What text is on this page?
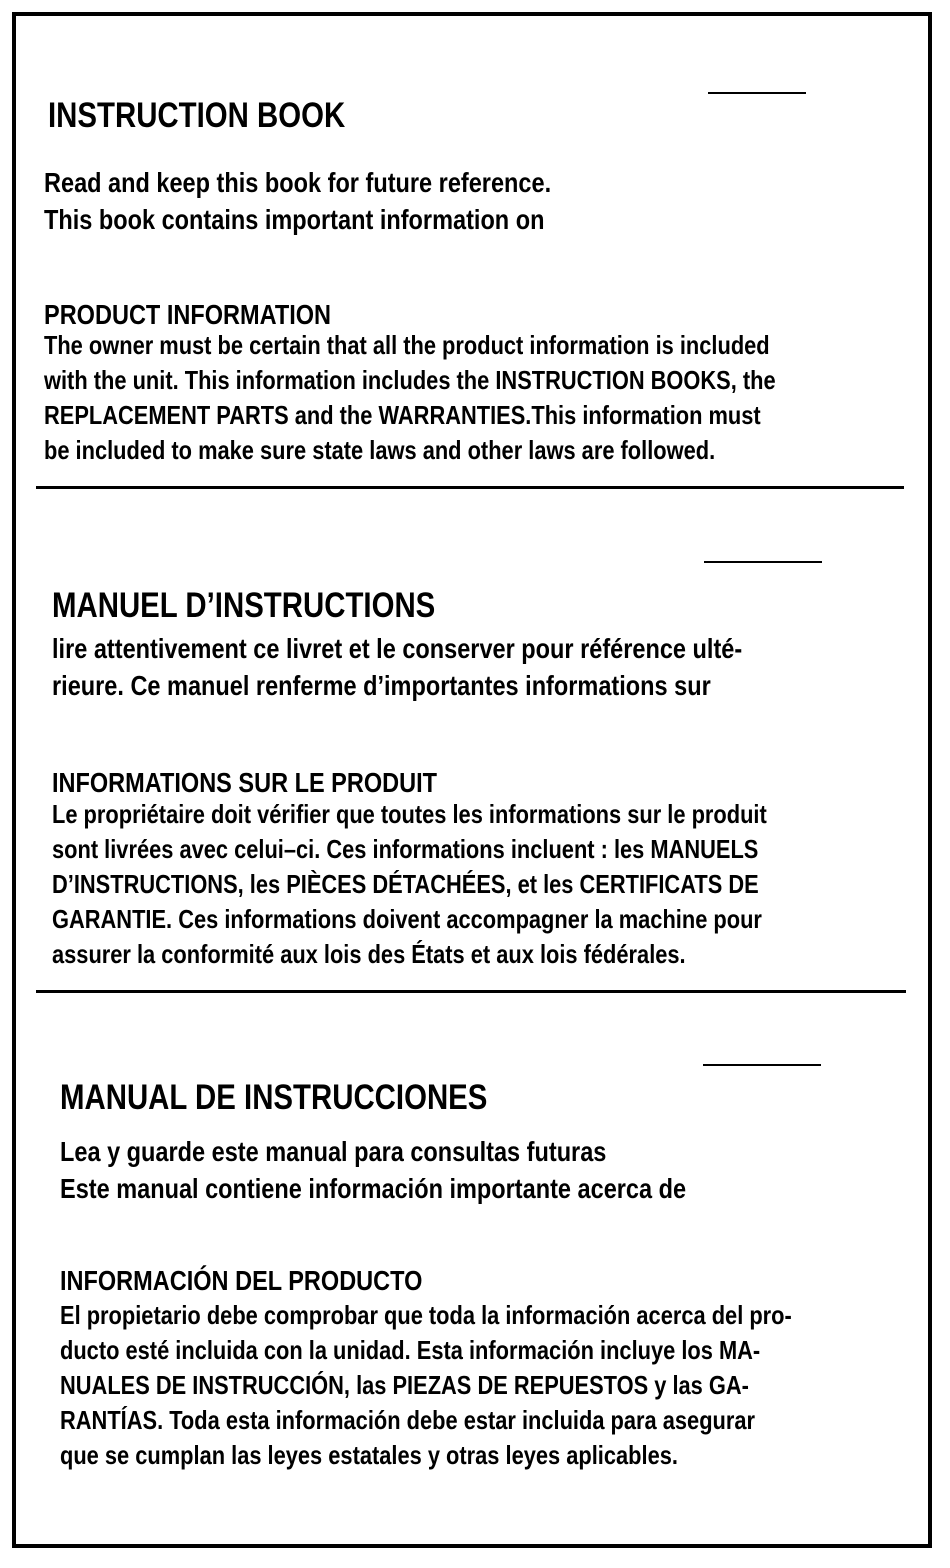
INSTRUCTION BOOK

Read and keep this book for future reference.
This book contains important information on

PRODUCT INFORMATION

The owner must be certain that all the product information is included
with the unit. This information includes the INSTRUCTION BOOKS, the
REPLACEMENT PARTS and the WARRANTIES.This information must
be included to make sure state laws and other laws are followed.

MANUEL D’INSTRUCTIONS

lire attentivement ce livret et le conserver pour référence ulté-
rieure. Ce manuel renferme d’importantes informations sur

INFORMATIONS SUR LE PRODUIT

Le propriétaire doit vérifier que toutes les informations sur le produit
sont livrées avec celui–ci. Ces informations incluent : les MANUELS
D’INSTRUCTIONS, les PIÈCES DÉTACHÉES, et les CERTIFICATS DE
GARANTIE. Ces informations doivent accompagner la machine pour
assurer la conformité aux lois des États et aux lois fédérales.

MANUAL DE INSTRUCCIONES

Lea y guarde este manual para consultas futuras
Este manual contiene información importante acerca de

INFORMACIÓN DEL PRODUCTO

El propietario debe comprobar que toda la información acerca del pro-
ducto esté incluida con la unidad. Esta información incluye los MA-
NUALES DE INSTRUCCIÓN, las PIEZAS DE REPUESTOS y las GA-
RANTÍAS. Toda esta información debe estar incluida para asegurar
que se cumplan las leyes estatales y otras leyes aplicables.
